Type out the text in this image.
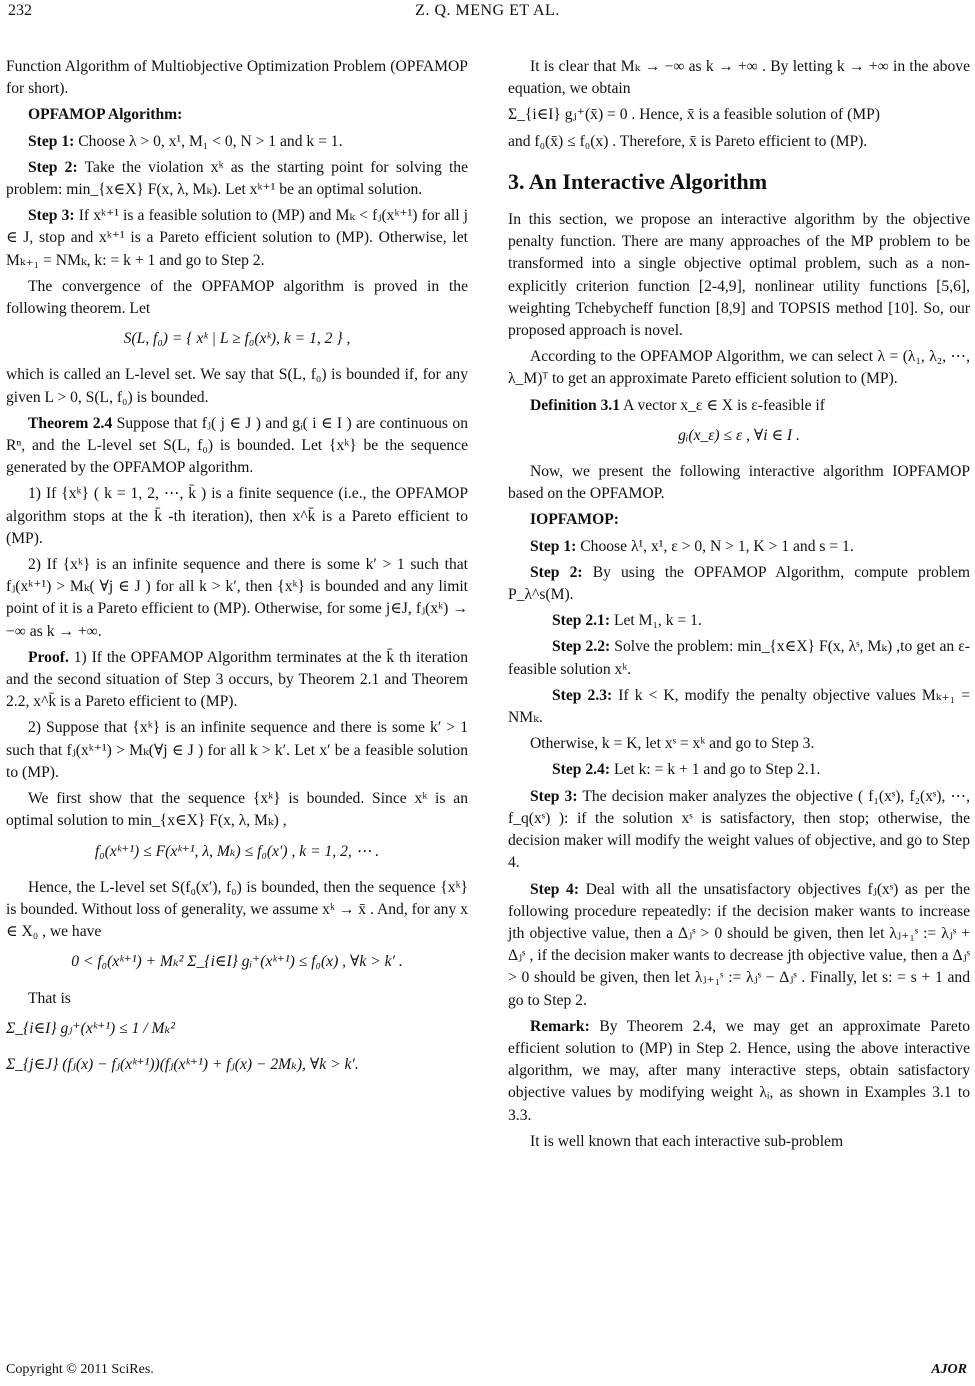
232	Z. Q. MENG ET AL.

Function Algorithm of Multiobjective Optimization Problem (OPFAMOP for short).

OPFAMOP Algorithm:

Step 1: Choose λ > 0, x¹, M₁ < 0, N > 1 and k = 1.

Step 2: Take the violation xᵏ as the starting point for solving the problem: min_{x∈X} F(x, λ, Mₖ). Let xᵏ⁺¹ be an optimal solution.

Step 3: If xᵏ⁺¹ is a feasible solution to (MP) and Mₖ < fⱼ(xᵏ⁺¹) for all j ∈ J, stop and xᵏ⁺¹ is a Pareto efficient solution to (MP). Otherwise, let Mₖ₊₁ = NMₖ, k: = k + 1 and go to Step 2.

The convergence of the OPFAMOP algorithm is proved in the following theorem. Let

S(L, f₀) = { xᵏ | L ≥ f₀(xᵏ), k = 1, 2 } ,

which is called an L-level set. We say that S(L, f₀) is bounded if, for any given L > 0, S(L, f₀) is bounded.

Theorem 2.4 Suppose that fⱼ( j ∈ J ) and gᵢ( i ∈ I ) are continuous on Rⁿ, and the L-level set S(L, f₀) is bounded. Let {xᵏ} be the sequence generated by the OPFAMOP algorithm.

1) If {xᵏ} ( k = 1, 2, ⋯, k̄ ) is a finite sequence (i.e., the OPFAMOP algorithm stops at the k̄ -th iteration), then x^k̄ is a Pareto efficient to (MP).

2) If {xᵏ} is an infinite sequence and there is some k′ > 1 such that fⱼ(xᵏ⁺¹) > Mₖ( ∀j ∈ J ) for all k > k′, then {xᵏ} is bounded and any limit point of it is a Pareto efficient to (MP). Otherwise, for some j∈J, fⱼ(xᵏ) → −∞ as k → +∞.

Proof. 1) If the OPFAMOP Algorithm terminates at the k̄ th iteration and the second situation of Step 3 occurs, by Theorem 2.1 and Theorem 2.2, x^k̄ is a Pareto efficient to (MP).

2) Suppose that {xᵏ} is an infinite sequence and there is some k′ > 1 such that fⱼ(xᵏ⁺¹) > Mₖ(∀j ∈ J ) for all k > k′. Let x′ be a feasible solution to (MP).

We first show that the sequence {xᵏ} is bounded. Since xᵏ is an optimal solution to min_{x∈X} F(x, λ, Mₖ) ,

f₀(xᵏ⁺¹) ≤ F(xᵏ⁺¹, λ, Mₖ) ≤ f₀(x′) , k = 1, 2, ⋯ .

Hence, the L-level set S(f₀(x′), f₀) is bounded, then the sequence {xᵏ} is bounded. Without loss of generality, we assume xᵏ → x̄ . And, for any x ∈ X₀ , we have

0 < f₀(xᵏ⁺¹) + Mₖ² Σ_{i∈I} gᵢ⁺(xᵏ⁺¹) ≤ f₀(x) , ∀k > k′ .

That is

Σ_{i∈I} gⱼ⁺(xᵏ⁺¹) ≤ 1 / Mₖ²
Σ_{j∈J} (fⱼ(x) − fⱼ(xᵏ⁺¹))(fⱼ(xᵏ⁺¹) + fⱼ(x) − 2Mₖ), ∀k > k′.

It is clear that Mₖ → −∞ as k → +∞ . By letting k → +∞ in the above equation, we obtain

Σ_{i∈I} gⱼ⁺(x̄) = 0 . Hence, x̄ is a feasible solution of (MP)

and f₀(x̄) ≤ f₀(x) . Therefore, x̄ is Pareto efficient to (MP).

3. An Interactive Algorithm

In this section, we propose an interactive algorithm by the objective penalty function. There are many approaches of the MP problem to be transformed into a single objective optimal problem, such as a non-explicitly criterion function [2-4,9], nonlinear utility functions [5,6], weighting Tchebycheff function [8,9] and TOPSIS method [10]. So, our proposed approach is novel.

According to the OPFAMOP Algorithm, we can select λ = (λ₁, λ₂, ⋯, λ_M)ᵀ to get an approximate Pareto efficient solution to (MP).

Definition 3.1 A vector x_ε ∈ X is ε-feasible if

gᵢ(x_ε) ≤ ε , ∀i ∈ I .

Now, we present the following interactive algorithm IOPFAMOP based on the OPFAMOP.

IOPFAMOP:

Step 1: Choose λ¹, x¹, ε > 0, N > 1, K > 1 and s = 1.

Step 2: By using the OPFAMOP Algorithm, compute problem P_λ^s(M).

Step 2.1: Let M₁, k = 1.

Step 2.2: Solve the problem: min_{x∈X} F(x, λˢ, Mₖ) ,to get an ε-feasible solution xᵏ.

Step 2.3: If k < K, modify the penalty objective values Mₖ₊₁ = NMₖ.

Otherwise, k = K, let xˢ = xᵏ and go to Step 3.

Step 2.4: Let k: = k + 1 and go to Step 2.1.

Step 3: The decision maker analyzes the objective ( f₁(xˢ), f₂(xˢ), ⋯, f_q(xˢ) ): if the solution xˢ is satisfactory, then stop; otherwise, the decision maker will modify the weight values of objective, and go to Step 4.

Step 4: Deal with all the unsatisfactory objectives fⱼ(xˢ) as per the following procedure repeatedly: if the decision maker wants to increase jth objective value, then a Δⱼˢ > 0 should be given, then let λⱼ₊₁ˢ := λⱼˢ + Δⱼˢ , if the decision maker wants to decrease jth objective value, then a Δⱼˢ > 0 should be given, then let λⱼ₊₁ˢ := λⱼˢ − Δⱼˢ . Finally, let s: = s + 1 and go to Step 2.

Remark: By Theorem 2.4, we may get an approximate Pareto efficient solution to (MP) in Step 2. Hence, using the above interactive algorithm, we may, after many interactive steps, obtain satisfactory objective values by modifying weight λᵢ, as shown in Examples 3.1 to 3.3.

It is well known that each interactive sub-problem

Copyright © 2011 SciRes.	AJOR
